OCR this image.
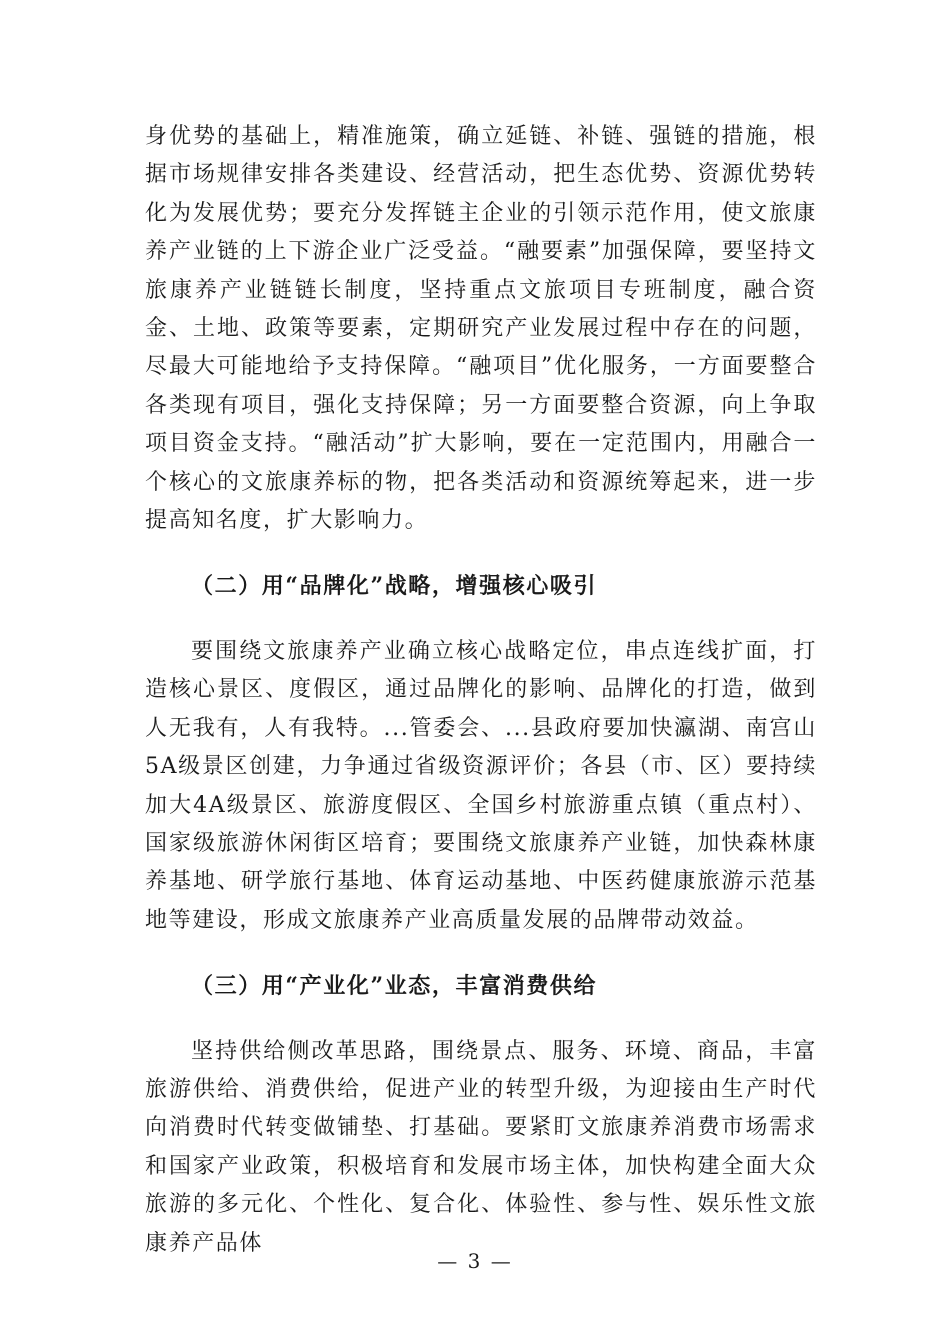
身优势的基础上，精准施策，确立延链、补链、强链的措施，根据市场规律安排各类建设、经营活动，把生态优势、资源优势转化为发展优势；要充分发挥链主企业的引领示范作用，使文旅康养产业链的上下游企业广泛受益。“融要素”加强保障，要坚持文旅康养产业链链长制度，坚持重点文旅项目专班制度，融合资金、土地、政策等要素，定期研究产业发展过程中存在的问题，尽最大可能地给予支持保障。“融项目”优化服务，一方面要整合各类现有项目，强化支持保障；另一方面要整合资源，向上争取项目资金支持。“融活动”扩大影响，要在一定范围内，用融合一个核心的文旅康养标的物，把各类活动和资源统筹起来，进一步提高知名度，扩大影响力。

（二）用“品牌化”战略，增强核心吸引

要围绕文旅康养产业确立核心战略定位，串点连线扩面，打造核心景区、度假区，通过品牌化的影响、品牌化的打造，做到人无我有，人有我特。...管委会、...县政府要加快瀛湖、南宫山5A级景区创建，力争通过省级资源评价；各县（市、区）要持续加大4A级景区、旅游度假区、全国乡村旅游重点镇（重点村）、国家级旅游休闲街区培育；要围绕文旅康养产业链，加快森林康养基地、研学旅行基地、体育运动基地、中医药健康旅游示范基地等建设，形成文旅康养产业高质量发展的品牌带动效益。

（三）用“产业化”业态，丰富消费供给

坚持供给侧改革思路，围绕景点、服务、环境、商品，丰富旅游供给、消费供给，促进产业的转型升级，为迎接由生产时代向消费时代转变做铺垫、打基础。要紧盯文旅康养消费市场需求和国家产业政策，积极培育和发展市场主体，加快构建全面大众旅游的多元化、个性化、复合化、体验性、参与性、娱乐性文旅康养产品体

— 3 —
